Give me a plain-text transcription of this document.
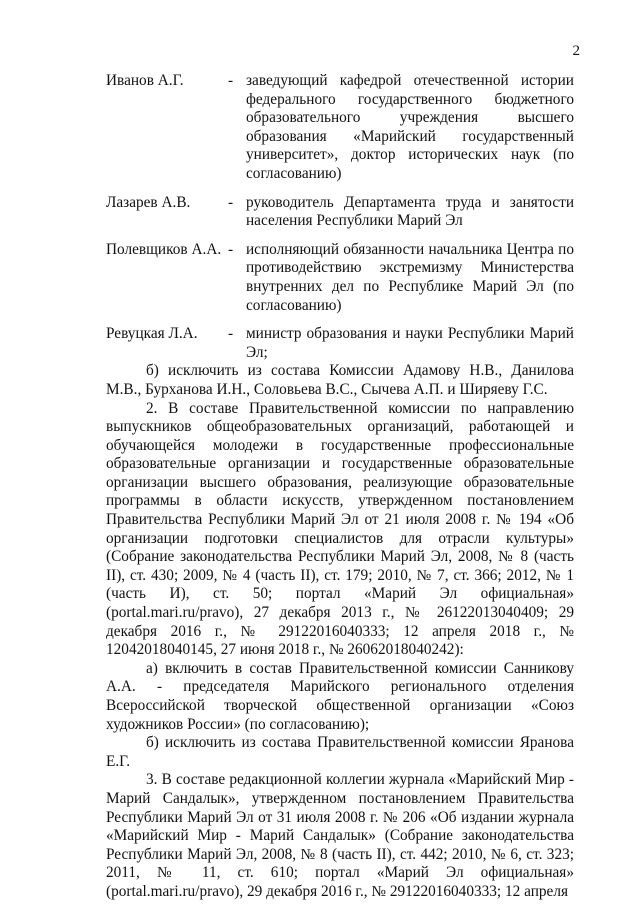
2
Иванов А.Г.	- заведующий кафедрой отечественной истории федерального государственного бюджетного образовательного учреждения высшего образования «Марийский государственный университет», доктор исторических наук (по согласованию)
Лазарев А.В.	- руководитель Департамента труда и занятости населения Республики Марий Эл
Полевщиков А.А. - исполняющий обязанности начальника Центра по противодействию экстремизму Министерства внутренних дел по Республике Марий Эл (по согласованию)
Ревуцкая Л.А.	- министр образования и науки Республики Марий Эл;

б) исключить из состава Комиссии Адамову Н.В., Данилова М.В., Бурханова И.Н., Соловьева В.С., Сычева А.П. и Ширяеву Г.С.

2. В составе Правительственной комиссии по направлению выпускников общеобразовательных организаций, работающей и обучающейся молодежи в государственные профессиональные образовательные организации и государственные образовательные организации высшего образования, реализующие образовательные программы в области искусств, утвержденном постановлением Правительства Республики Марий Эл от 21 июля 2008 г. № 194 «Об организации подготовки специалистов для отрасли культуры» (Собрание законодательства Республики Марий Эл, 2008, № 8 (часть II), ст. 430; 2009, № 4 (часть II), ст. 179; 2010, № 7, ст. 366; 2012, № 1 (часть И), ст. 50; портал «Марий Эл официальная» (portal.mari.ru/pravo), 27 декабря 2013 г., № 26122013040409; 29 декабря 2016 г., № 29122016040333; 12 апреля 2018 г., № 12042018040145, 27 июня 2018 г., № 26062018040242):

а) включить в состав Правительственной комиссии Санникову А.А. - председателя Марийского регионального отделения Всероссийской творческой общественной организации «Союз художников России» (по согласованию);

б) исключить из состава Правительственной комиссии Яранова Е.Г.

3. В составе редакционной коллегии журнала «Марийский Мир - Марий Сандалык», утвержденном постановлением Правительства Республики Марий Эл от 31 июля 2008 г. № 206 «Об издании журнала «Марийский Мир - Марий Сандалык» (Собрание законодательства Республики Марий Эл, 2008, № 8 (часть II), ст. 442; 2010, № 6, ст. 323; 2011, № 11, ст. 610; портал «Марий Эл официальная» (portal.mari.ru/pravo), 29 декабря 2016 г., № 29122016040333; 12 апреля
